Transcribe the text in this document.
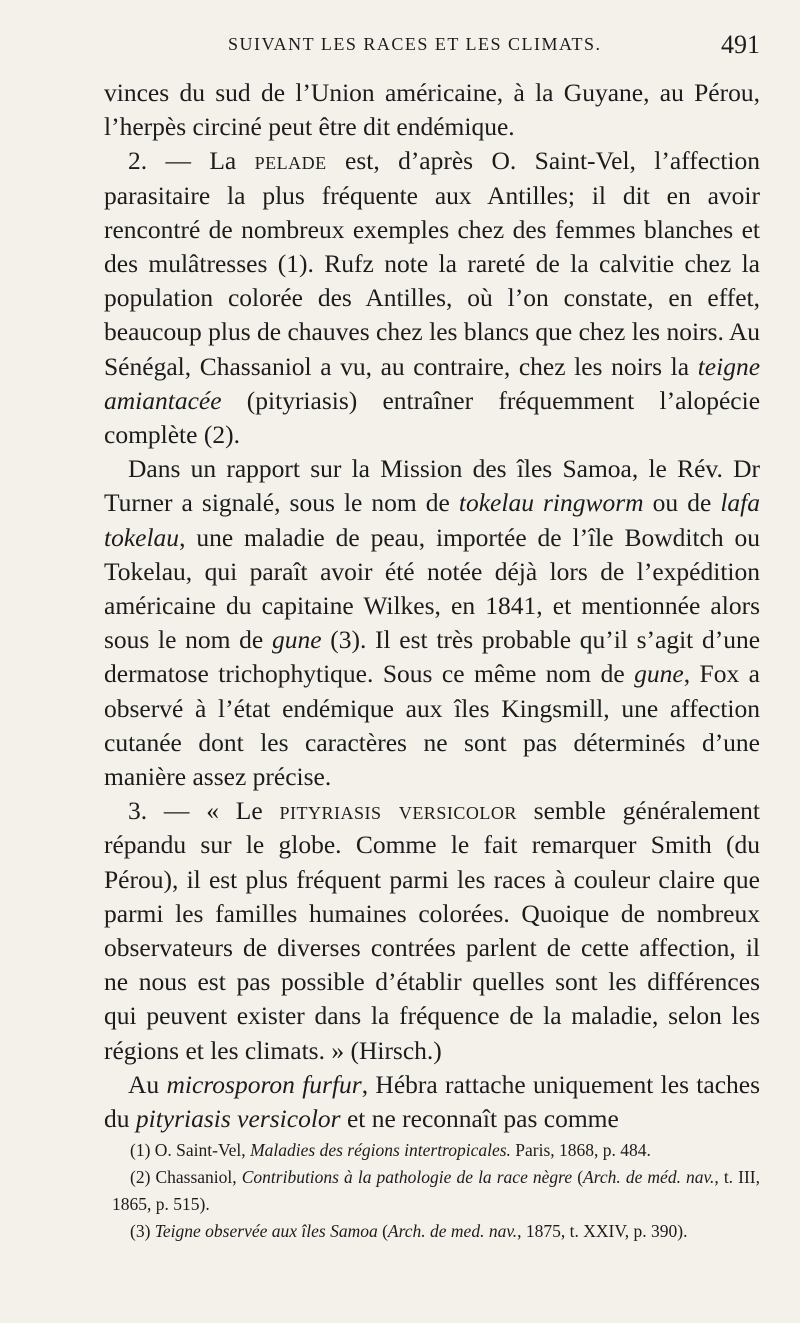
SUIVANT LES RACES ET LES CLIMATS.	491

vinces du sud de l’Union américaine, à la Guyane, au Pérou, l’herpès circiné peut être dit endémique.

2. — La pelade est, d’après O. Saint-Vel, l’affection parasitaire la plus fréquente aux Antilles; il dit en avoir rencontré de nombreux exemples chez des femmes blanches et des mulâtresses (1). Rufz note la rareté de la calvitie chez la population colorée des Antilles, où l’on constate, en effet, beaucoup plus de chauves chez les blancs que chez les noirs. Au Sénégal, Chassaniol a vu, au contraire, chez les noirs la teigne amiantacée (pityriasis) entraîner fréquemment l’alopécie complète (2).

Dans un rapport sur la Mission des îles Samoa, le Rév. Dr Turner a signalé, sous le nom de tokelau ringworm ou de lafa tokelau, une maladie de peau, importée de l’île Bowditch ou Tokelau, qui paraît avoir été notée déjà lors de l’expédition américaine du capitaine Wilkes, en 1841, et mentionnée alors sous le nom de gune (3). Il est très probable qu’il s’agit d’une dermatose trichophytique. Sous ce même nom de gune, Fox a observé à l’état endémique aux îles Kingsmill, une affection cutanée dont les caractères ne sont pas déterminés d’une manière assez précise.

3. — « Le pityriasis versicolor semble généralement répandu sur le globe. Comme le fait remarquer Smith (du Pérou), il est plus fréquent parmi les races à couleur claire que parmi les familles humaines colorées. Quoique de nombreux observateurs de diverses contrées parlent de cette affection, il ne nous est pas possible d’établir quelles sont les différences qui peuvent exister dans la fréquence de la maladie, selon les régions et les climats. » (Hirsch.)

Au microsporon furfur, Hébra rattache uniquement les taches du pityriasis versicolor et ne reconnaît pas comme

(1) O. Saint-Vel, Maladies des régions intertropicales. Paris, 1868, p. 484.

(2) Chassaniol, Contributions à la pathologie de la race nègre (Arch. de méd. nav., t. III, 1865, p. 515).

(3) Teigne observée aux îles Samoa (Arch. de med. nav., 1875, t. XXIV, p. 390).
